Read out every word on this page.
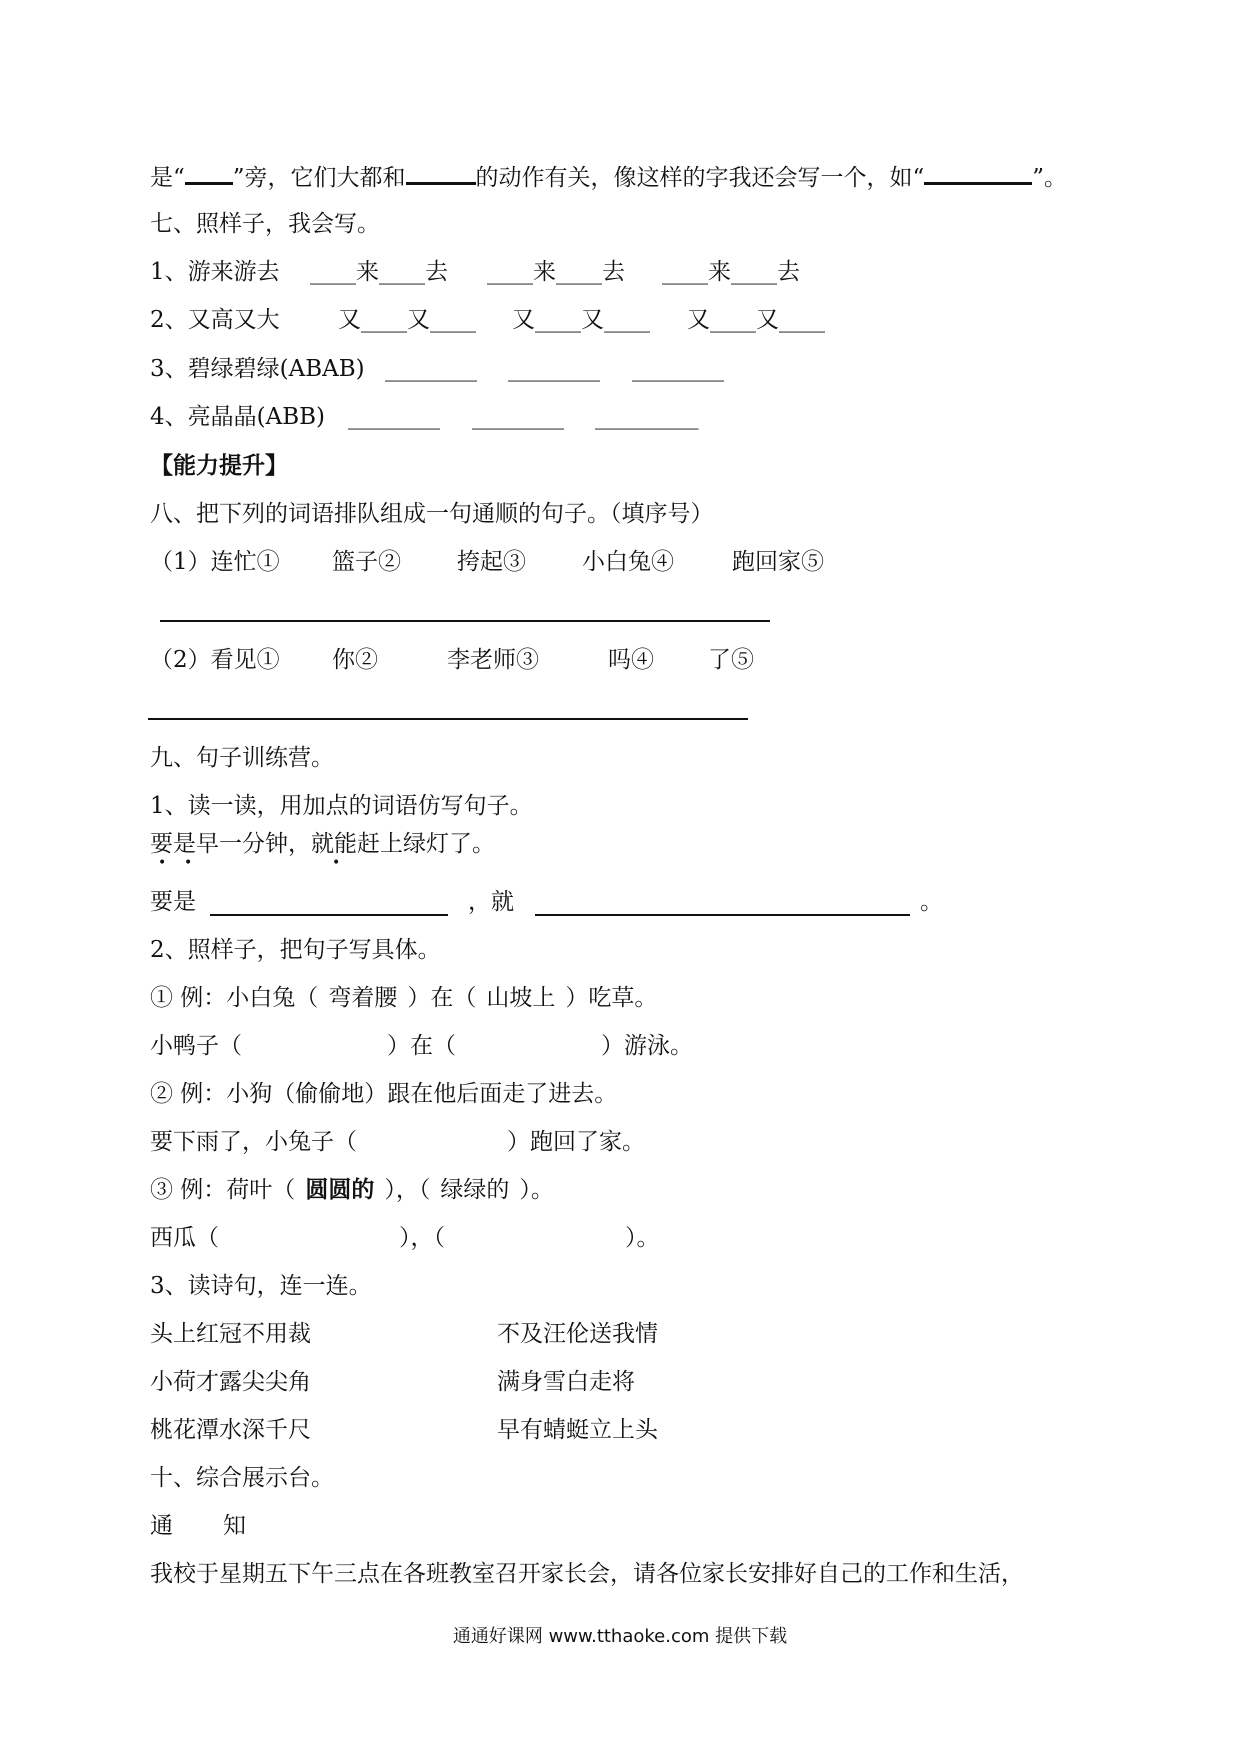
是“ ”旁，它们大都和	的动作有关，像这样的字我还会写一个，如“	”。
七、照样子，我会写。
1、游来游去 ____来____去 ____来____去 ____来____去
2、又高又大	又____又____ 又____又____ 又____又____
3、碧绿碧绿(ABAB) ________ ________ ________
4、亮晶晶(ABB) ________ ________ _________
【能力提升】
八、把下列的词语排队组成一句通顺的句子。（填序号）
（1）连忙① 篮子② 挎起③ 小白兔④	跑回家⑤
（2）看见① 你②	李老师③	吗④ 了⑤
九、句子训练营。
1、读一读，用加点的词语仿写句子。
要是早一分钟，就能赶上绿灯了。
• •	•
要是	，就	。
2、照样子，把句子写具体。
① 例：小白兔（ 弯着腰 ）在（ 山坡上 ）吃草。
小鸭子（	）在（	）游泳。
② 例：小狗（偷偷地）跟在他后面走了进去。
要下雨了，小兔子（	）跑回了家。
③ 例：荷叶（ 圆圆的 ），（ 绿绿的 ）。
西瓜（	），（	）。
3、读诗句，连一连。
头上红冠不用裁	不及汪伦送我情
小荷才露尖尖角	满身雪白走将
桃花潭水深千尺	早有蜻蜓立上头
十、综合展示台。
通 知
我校于星期五下午三点在各班教室召开家长会，请各位家长安排好自己的工作和生活，
通通好课网 www.tthaoke.com 提供下载
